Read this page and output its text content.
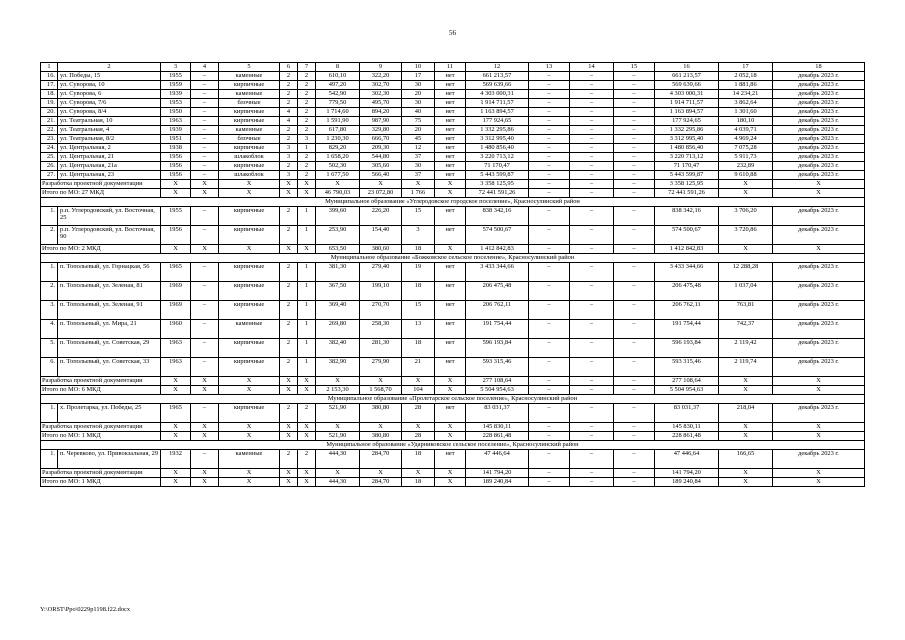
56
1	2	3	4	5	6	7	8	9	10	11	12	13	14	15	16	17	18
16.	ул. Победы, 15	1955	–	каменные	2	2	610,10	322,20	17	нет	661 213,57	–	–	–	661 213,57	2 052,18	декабрь 2023 г.
17.	ул. Суворова, 10	1959	–	кирпичные	2	2	497,20	302,70	30	нет	569 639,66	–	–	–	569 639,66	1 881,86	декабрь 2023 г.
18.	ул. Суворова, 6	1939	–	каменные	2	2	542,90	302,30	20	нет	4 303 000,31	–	–	–	4 303 000,31	14 234,21	декабрь 2023 г.
19.	ул. Суворова, 7/6	1953	–	блочные	2	2	779,50	495,70	30	нет	1 914 711,57	–	–	–	1 914 711,57	3 862,64	декабрь 2023 г.
20.	ул. Суворова, 8/4	1950	–	кирпичные	4	2	1 714,60	894,20	40	нет	1 163 894,57	–	–	–	1 163 894,57	1 301,60	декабрь 2023 г.
21.	ул. Театральная, 10	1963	–	кирпичные	4	2	1 591,90	987,90	75	нет	177 924,65	–	–	–	177 924,65	180,10	декабрь 2023 г.
22.	ул. Театральная, 4	1939	–	каменные	2	2	617,80	329,80	20	нет	1 332 295,86	–	–	–	1 332 295,86	4 039,71	декабрь 2023 г.
23.	ул. Театральная, 8/2	1951	–	блочные	2	3	1 230,30	666,70	45	нет	3 312 995,40	–	–	–	3 312 995,40	4 969,24	декабрь 2023 г.
24.	ул. Центральная, 2	1938	–	кирпичные	3	1	829,20	209,30	12	нет	1 480 856,40	–	–	–	1 480 856,40	7 075,28	декабрь 2023 г.
25.	ул. Центральная, 21	1956	–	шлакоблок	3	2	1 658,20	544,80	37	нет	3 220 713,12	–	–	–	3 220 713,12	5 911,73	декабрь 2023 г.
26.	ул. Центральная, 21а	1956	–	кирпичные	2	2	502,30	305,60	30	нет	71 170,47	–	–	–	71 170,47	232,89	декабрь 2023 г.
27.	ул. Центральная, 23	1956	–	шлакоблок	3	2	1 677,50	566,40	37	нет	5 443 599,87	–	–	–	5 443 599,87	9 610,88	декабрь 2023 г.
Разработка проектной документации		X	X	X	X	X	X	X	X	X	3 358 125,95	–	–	–	3 358 125,95	X	X
Итого по МО: 27 МКД		X	X	X	X	X	46 790,03	23 072,80	1 766	X	72 441 591,26	–	–	–	72 441 591,26	X	X
Муниципальное образование «Углеродовское городское поселение», Красносулинский район																	
1.	р.п. Углеродовский, ул. Восточная, 25	1955	–	кирпичные	2	1	399,60	226,20	15	нет	838 342,16	–	–	–	838 342,16	3 706,20	декабрь 2023 г.
2.	р.п. Углеродовский, ул. Восточная, 90	1956	–	кирпичные	2	1	253,90	154,40	3	нет	574 500,67	–	–	–	574 500,67	3 720,86	декабрь 2023 г.
Итого по МО: 2 МКД		X	X	X	X	X	653,50	380,60	18	X	1 412 842,83	–	–	–	1 412 842,83	X	X
Муниципальное образование «Божковское сельское поселение», Красносулинский район																	
1.	п. Топольевый, ул. Горнацкая, 56	1965	–	кирпичные	2	1	381,30	279,40	19	нет	3 433 344,66	–	–	–	3 433 344,66	12 288,28	декабрь 2023 г.
2.	п. Топольевый, ул. Зеленая, 81	1969	–	кирпичные	2	1	367,50	199,10	18	нет	206 475,48	–	–	–	206 475,48	1 037,04	декабрь 2023 г.
3.	п. Топольевый, ул. Зеленая, 91	1969	–	кирпичные	2	1	369,40	270,70	15	нет	206 762,11	–	–	–	206 762,11	763,81	декабрь 2023 г.
4.	п. Топольевый, ул. Мира, 21	1960	–	каменные	2	1	269,80	258,30	13	нет	191 754,44	–	–	–	191 754,44	742,37	декабрь 2023 г.
5.	п. Топольевый, ул. Советская, 29	1963	–	кирпичные	2	1	382,40	281,30	18	нет	596 193,84	–	–	–	596 193,84	2 119,42	декабрь 2023 г.
6.	п. Топольевый, ул. Советская, 33	1963	–	кирпичные	2	1	382,90	279,90	21	нет	593 315,46	–	–	–	593 315,46	2 119,74	декабрь 2023 г.
Разработка проектной документации		X	X	X	X	X	X	X	X	X	277 108,64	–	–	–	277 108,64	X	X
Итого по МО: 6 МКД		X	X	X	X	X	2 153,30	1 568,70	104	X	5 504 954,63	–	–	–	5 504 954,63	X	X
Муниципальное образование «Пролетарское сельское поселение», Красносулинский район																	
1.	х. Пролетарка, ул. Победы, 25	1965	–	кирпичные	2	2	521,90	380,80	28	нет	83 031,37	–	–	–	83 031,37	218,04	декабрь 2023 г.
Разработка проектной документации		X	X	X	X	X	X	X	X	X	145 830,11	–	–	–	145 830,11	X	X
Итого по МО: 1 МКД		X	X	X	X	X	521,90	380,80	28	X	228 861,48	–	–	–	228 861,48	X	X
Муниципальное образование «Ударниковское сельское поселение», Красносулинский район																	
1.	п. Черевково, ул. Привокзальная, 29	1932	–	каменные	2	2	444,30	284,70	18	нет	47 446,64	–	–	–	47 446,64	166,65	декабрь 2023 г.
Разработка проектной документации		X	X	X	X	X	X	X	X	X	141 794,20	–	–	–	141 794,20	X	X
Итого по МО: 1 МКД		X	X	X	X	X	444,30	284,70	18	X	189 240,84	–	–	–	189 240,84	X	X
Y:\ORST\Ppo\0229p1198.f22.docx
